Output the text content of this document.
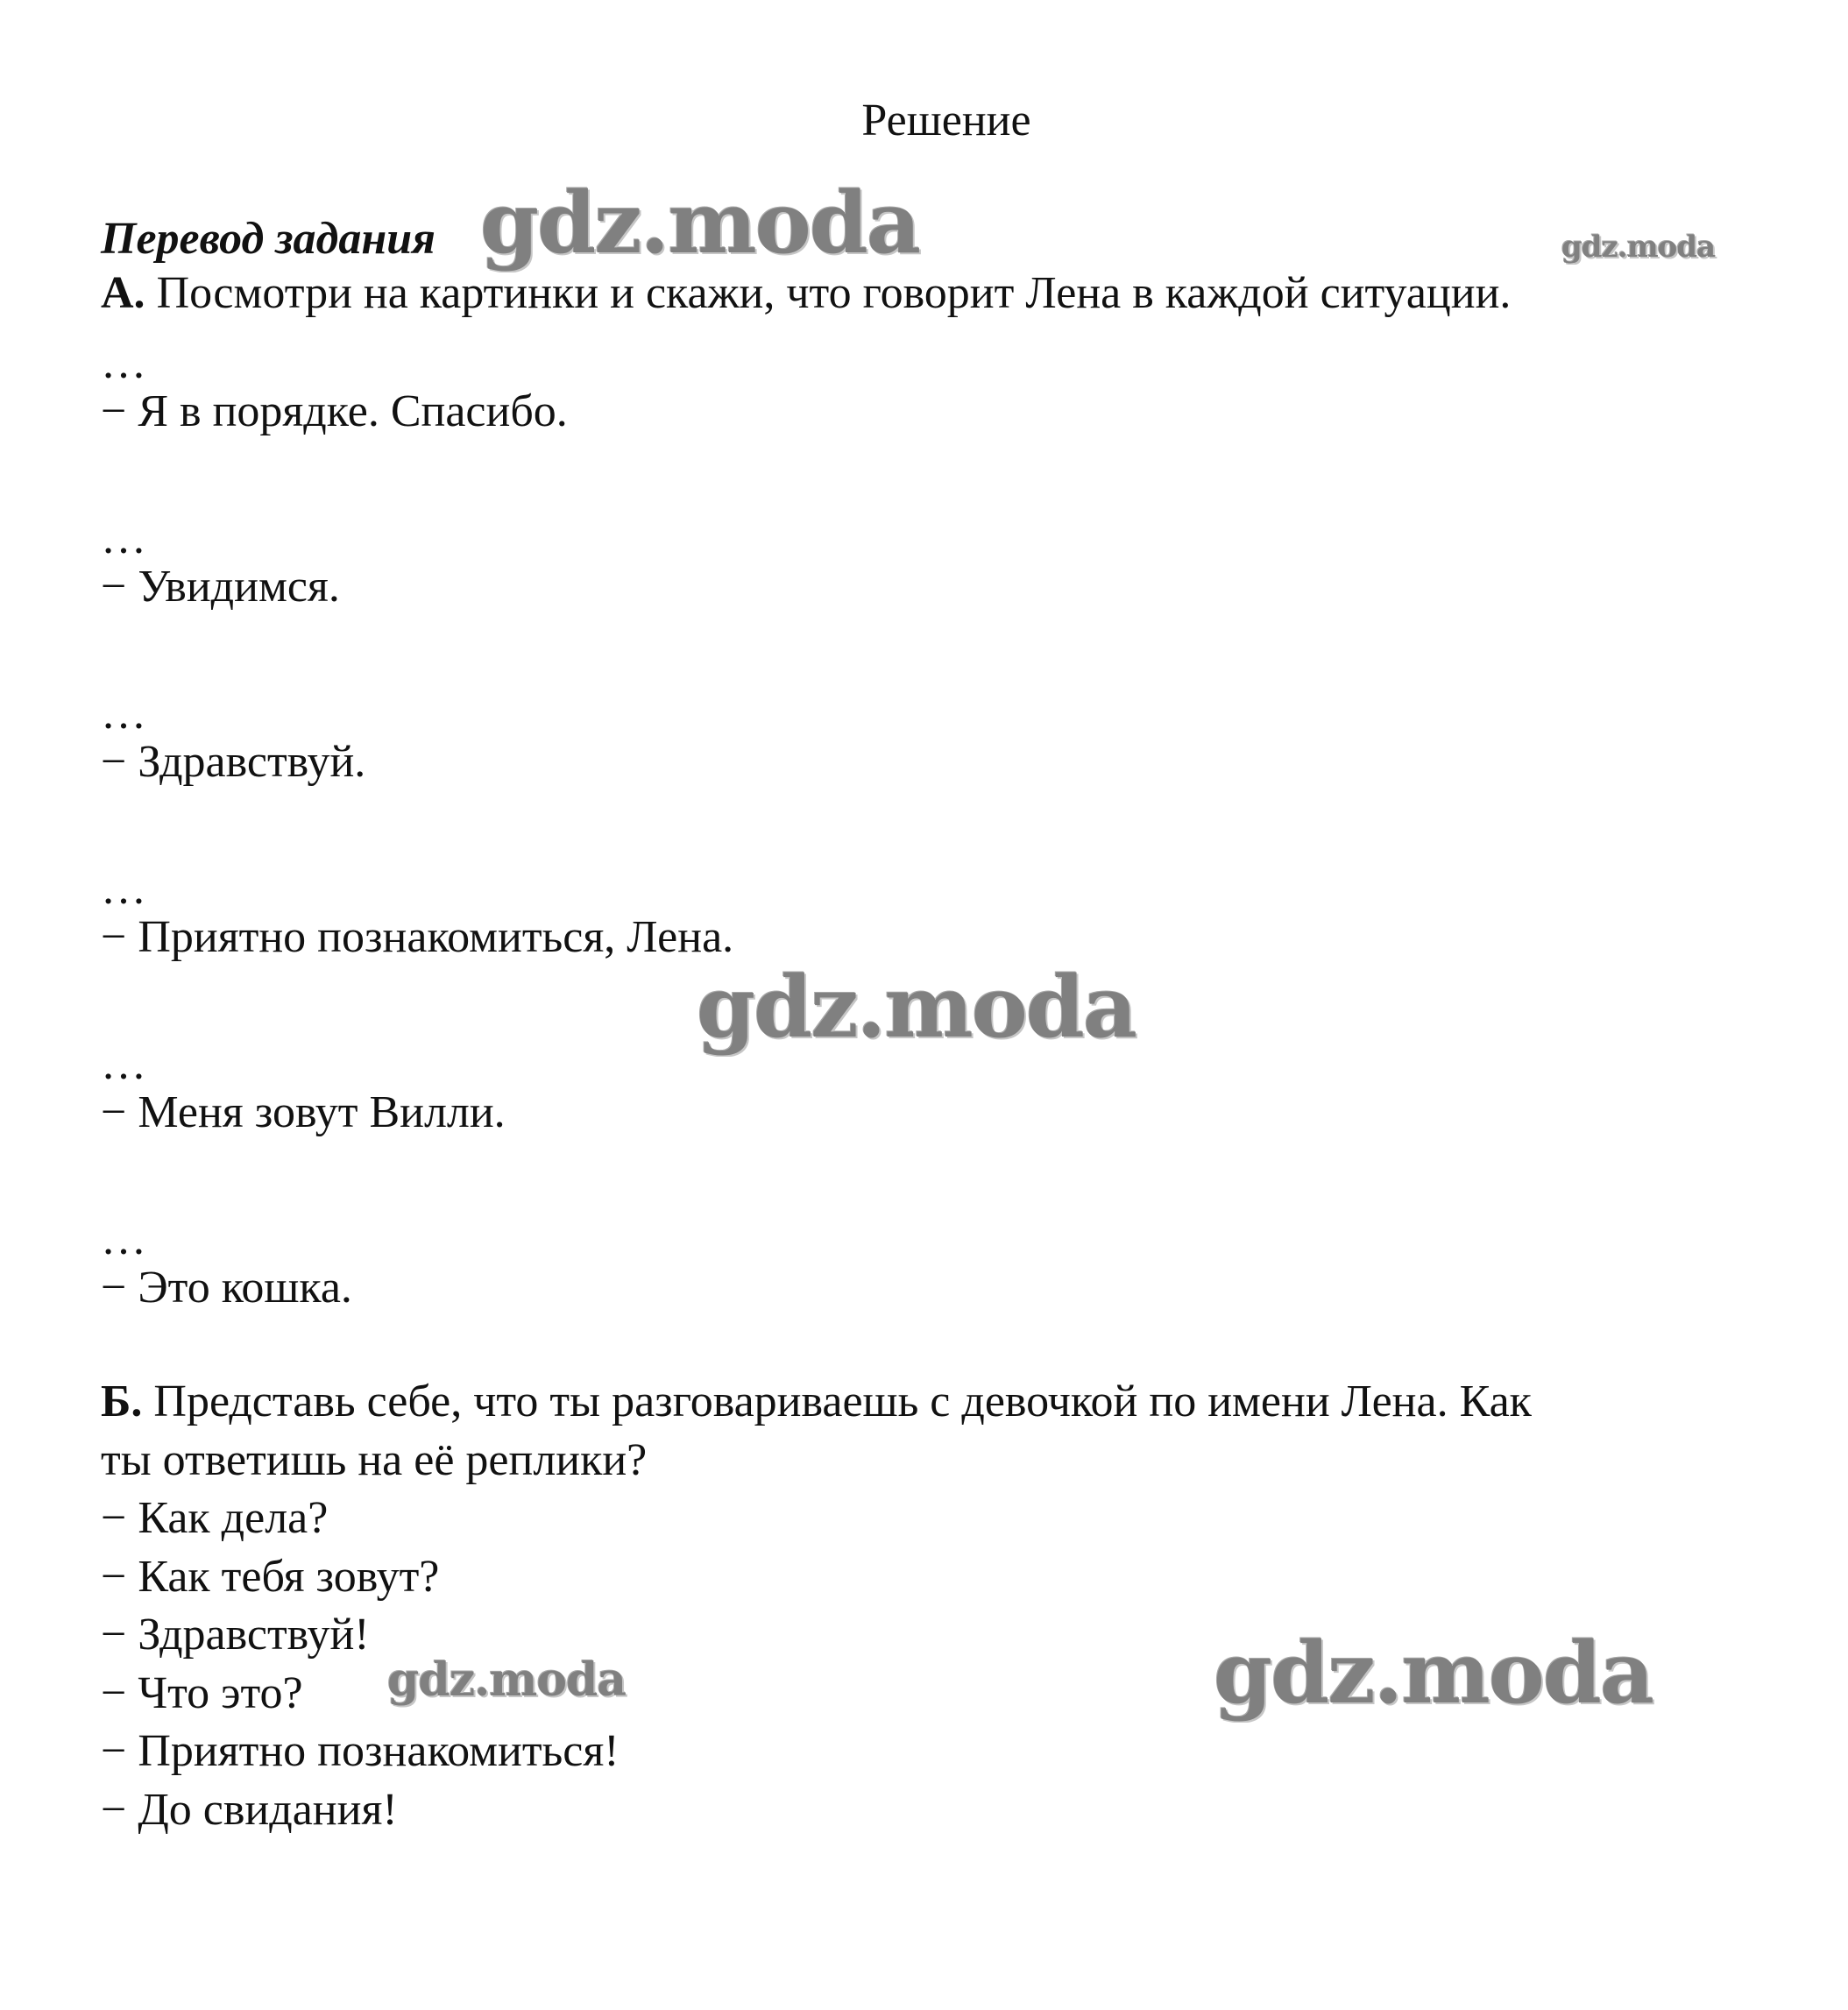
Решение
Перевод задания
А. Посмотри на картинки и скажи, что говорит Лена в каждой ситуации.
…
− Я в порядке. Спасибо.
…
− Увидимся.
…
− Здравствуй.
…
− Приятно познакомиться, Лена.
…
− Меня зовут Вилли.
…
− Это кошка.
Б. Представь себе, что ты разговариваешь с девочкой по имени Лена. Как
ты ответишь на её реплики?
− Как дела?
− Как тебя зовут?
− Здравствуй!
− Что это?
− Приятно познакомиться!
− До свидания!
gdz.moda	gdz.moda
gdz.moda
gdz.moda	gdz.moda
